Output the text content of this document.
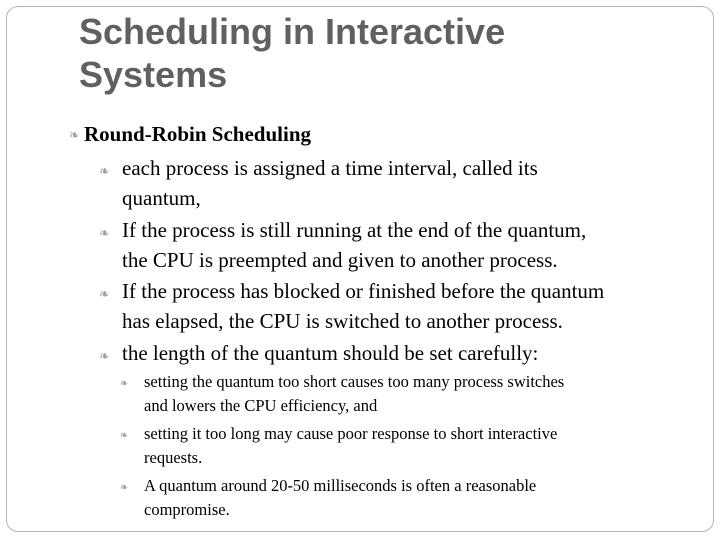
Scheduling in Interactive
Systems
❧ Round-Robin Scheduling
❧ each process is assigned a time interval, called its
quantum,
❧ If the process is still running at the end of the quantum,
the CPU is preempted and given to another process.
❧ If the process has blocked or finished before the quantum
has elapsed, the CPU is switched to another process.
❧ the length of the quantum should be set carefully:
❧ setting the quantum too short causes too many process switches
and lowers the CPU efficiency, and
❧ setting it too long may cause poor response to short interactive
requests.
❧ A quantum around 20-50 milliseconds is often a reasonable
compromise.
